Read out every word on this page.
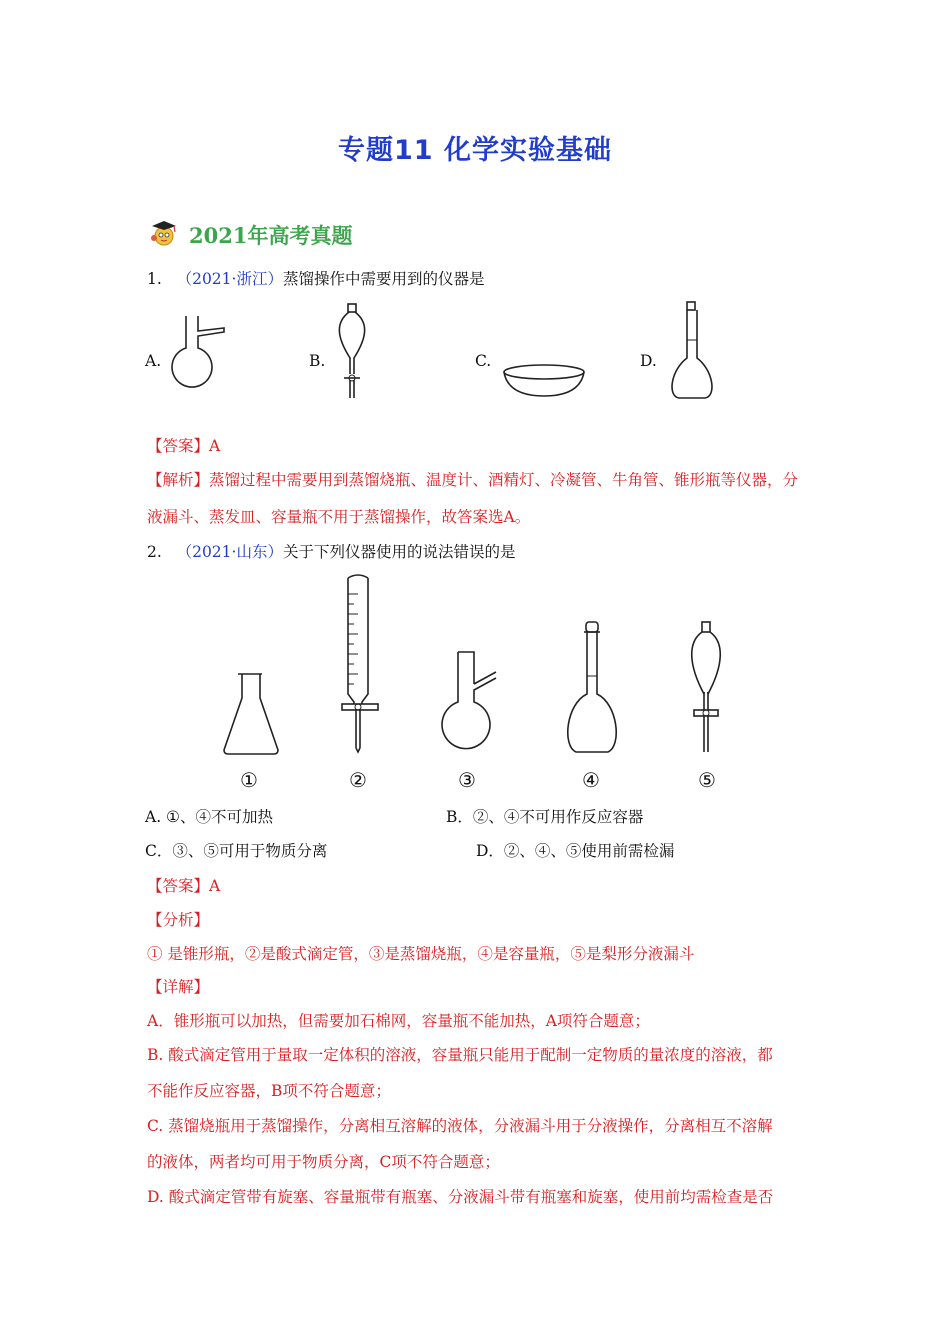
专题11 化学实验基础
2021年高考真题
1. （2021·浙江）蒸馏操作中需要用到的仪器是
A.	B.	C.	D.
【答案】A
【解析】蒸馏过程中需要用到蒸馏烧瓶、温度计、酒精灯、冷凝管、牛角管、锥形瓶等仪器，分
液漏斗、蒸发皿、容量瓶不用于蒸馏操作，故答案选A。
2. （2021·山东）关于下列仪器使用的说法错误的是
①	②	③	④	⑤
A. ①、④不可加热	B．②、④不可用作反应容器
C．③、⑤可用于物质分离	D．②、④、⑤使用前需检漏
【答案】A
【分析】
① 是锥形瓶，②是酸式滴定管，③是蒸馏烧瓶，④是容量瓶，⑤是梨形分液漏斗
【详解】
A．锥形瓶可以加热，但需要加石棉网，容量瓶不能加热，A项符合题意；
B. 酸式滴定管用于量取一定体积的溶液，容量瓶只能用于配制一定物质的量浓度的溶液，都
不能作反应容器，B项不符合题意；
C. 蒸馏烧瓶用于蒸馏操作，分离相互溶解的液体，分液漏斗用于分液操作，分离相互不溶解
的液体，两者均可用于物质分离，C项不符合题意；
D. 酸式滴定管带有旋塞、容量瓶带有瓶塞、分液漏斗带有瓶塞和旋塞，使用前均需检查是否
